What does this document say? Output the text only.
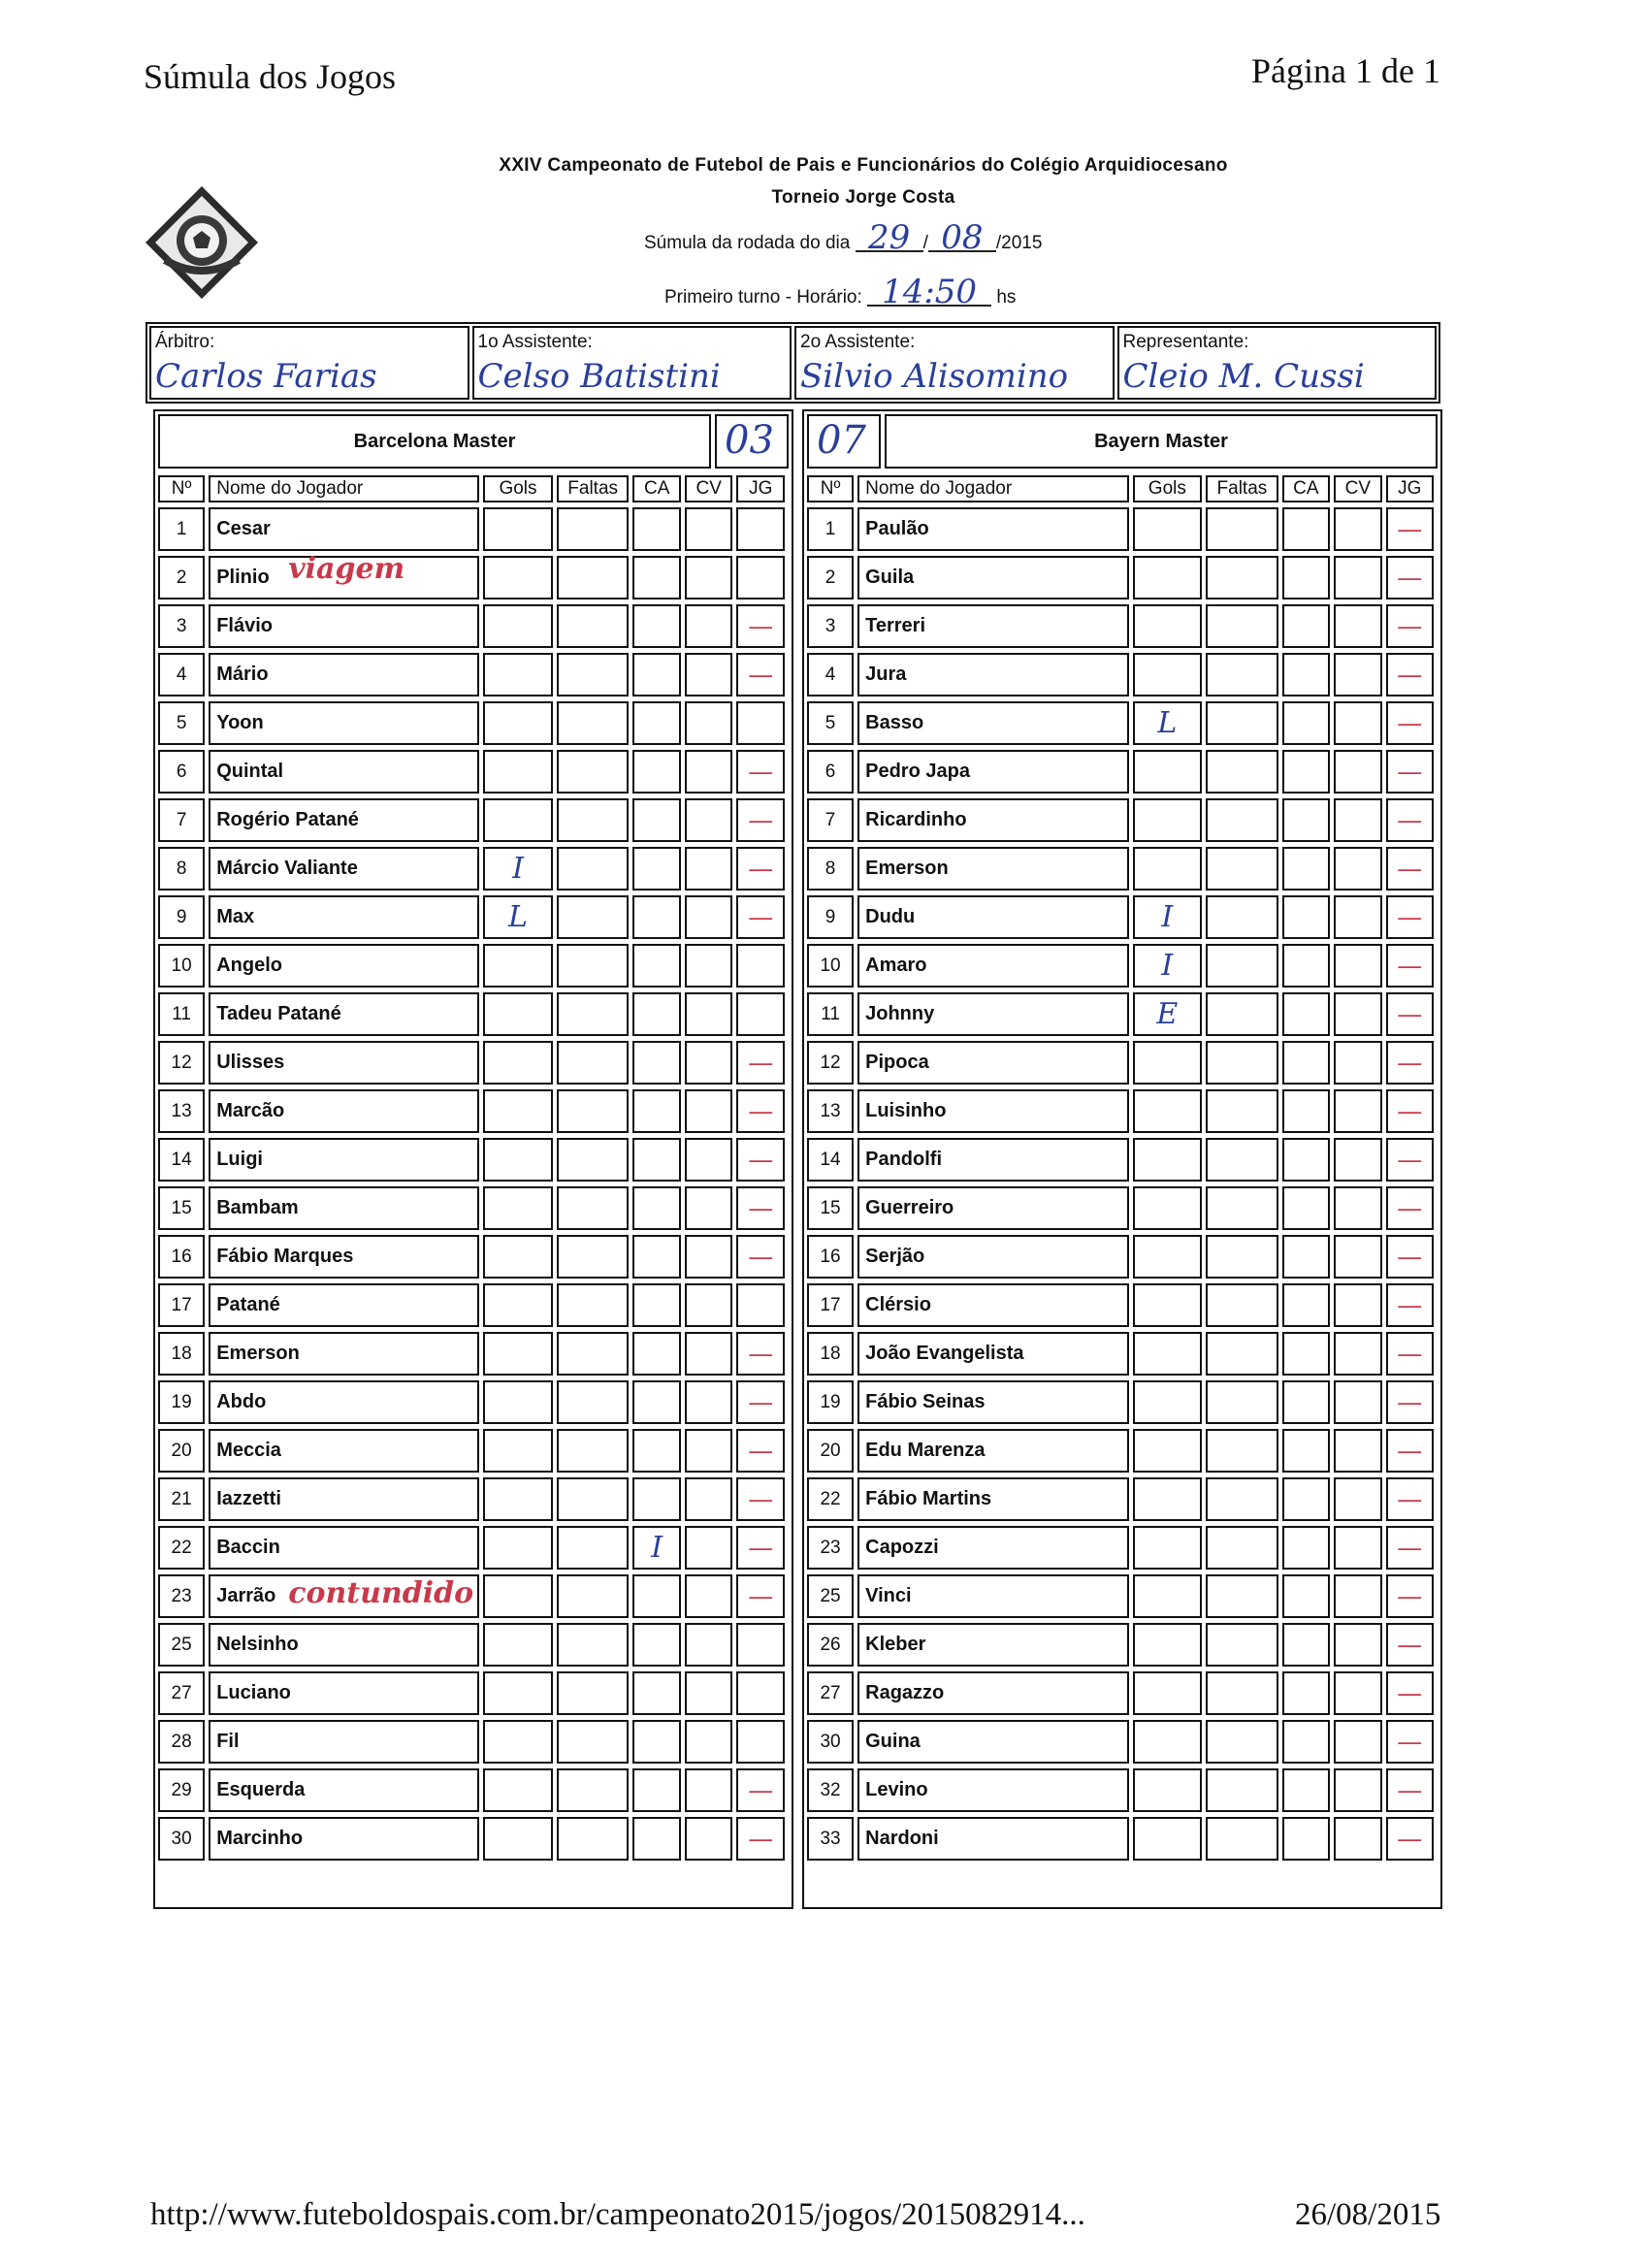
Súmula dos Jogos	Página 1 de 1
XXIV Campeonato de Futebol de Pais e Funcionários do Colégio Arquidiocesano
Torneio Jorge Costa
Súmula da rodada do dia 29 / 08 /2015
Primeiro turno - Horário: 14:50 hs
Árbitro:
Carlos Farias
1o Assistente:
Celso Batistini
2o Assistente:
Silvio Alisomino
Representante:
Cleio M. Cussi
Barcelona Master	03
Nº	Nome do Jogador	Gols	Faltas	CA	CV	JG
1	Cesar					
2	Plinio viagem					

3	Flávio					—
4	Mário					—
5	Yoon					
6	Quintal					—
7	Rogério Patané					—
8	Márcio Valiante	I				—
9	Max	L				—
10	Angelo					
11	Tadeu Patané					
12	Ulisses					—
13	Marcão					—
14	Luigi					—
15	Bambam					—
16	Fábio Marques					—
17	Patané					
18	Emerson					—
19	Abdo					—
20	Meccia					—
21	Iazzetti					—
22	Baccin			I		—
23	Jarrão contundido					—
25	Nelsinho					
27	Luciano					
28	Fil					
29	Esquerda					—
30	Marcinho					—
07	Bayern Master
Nº	Nome do Jogador	Gols	Faltas	CA	CV	JG
1	Paulão					—
2	Guila					—
3	Terreri					—
4	Jura					—
5	Basso	L				—
6	Pedro Japa					—
7	Ricardinho					—
8	Emerson					—
9	Dudu	I				—
10	Amaro	I				—
11	Johnny	E				—
12	Pipoca					—
13	Luisinho					—
14	Pandolfi					—
15	Guerreiro					—
16	Serjão					—
17	Clérsio					—
18	João Evangelista					—
19	Fábio Seinas					—
20	Edu Marenza					—
22	Fábio Martins					—
23	Capozzi					—
25	Vinci					—
26	Kleber					—
27	Ragazzo					—
30	Guina					—
32	Levino					—
33	Nardoni					—
http://www.futeboldospais.com.br/campeonato2015/jogos/2015082914...	26/08/2015
